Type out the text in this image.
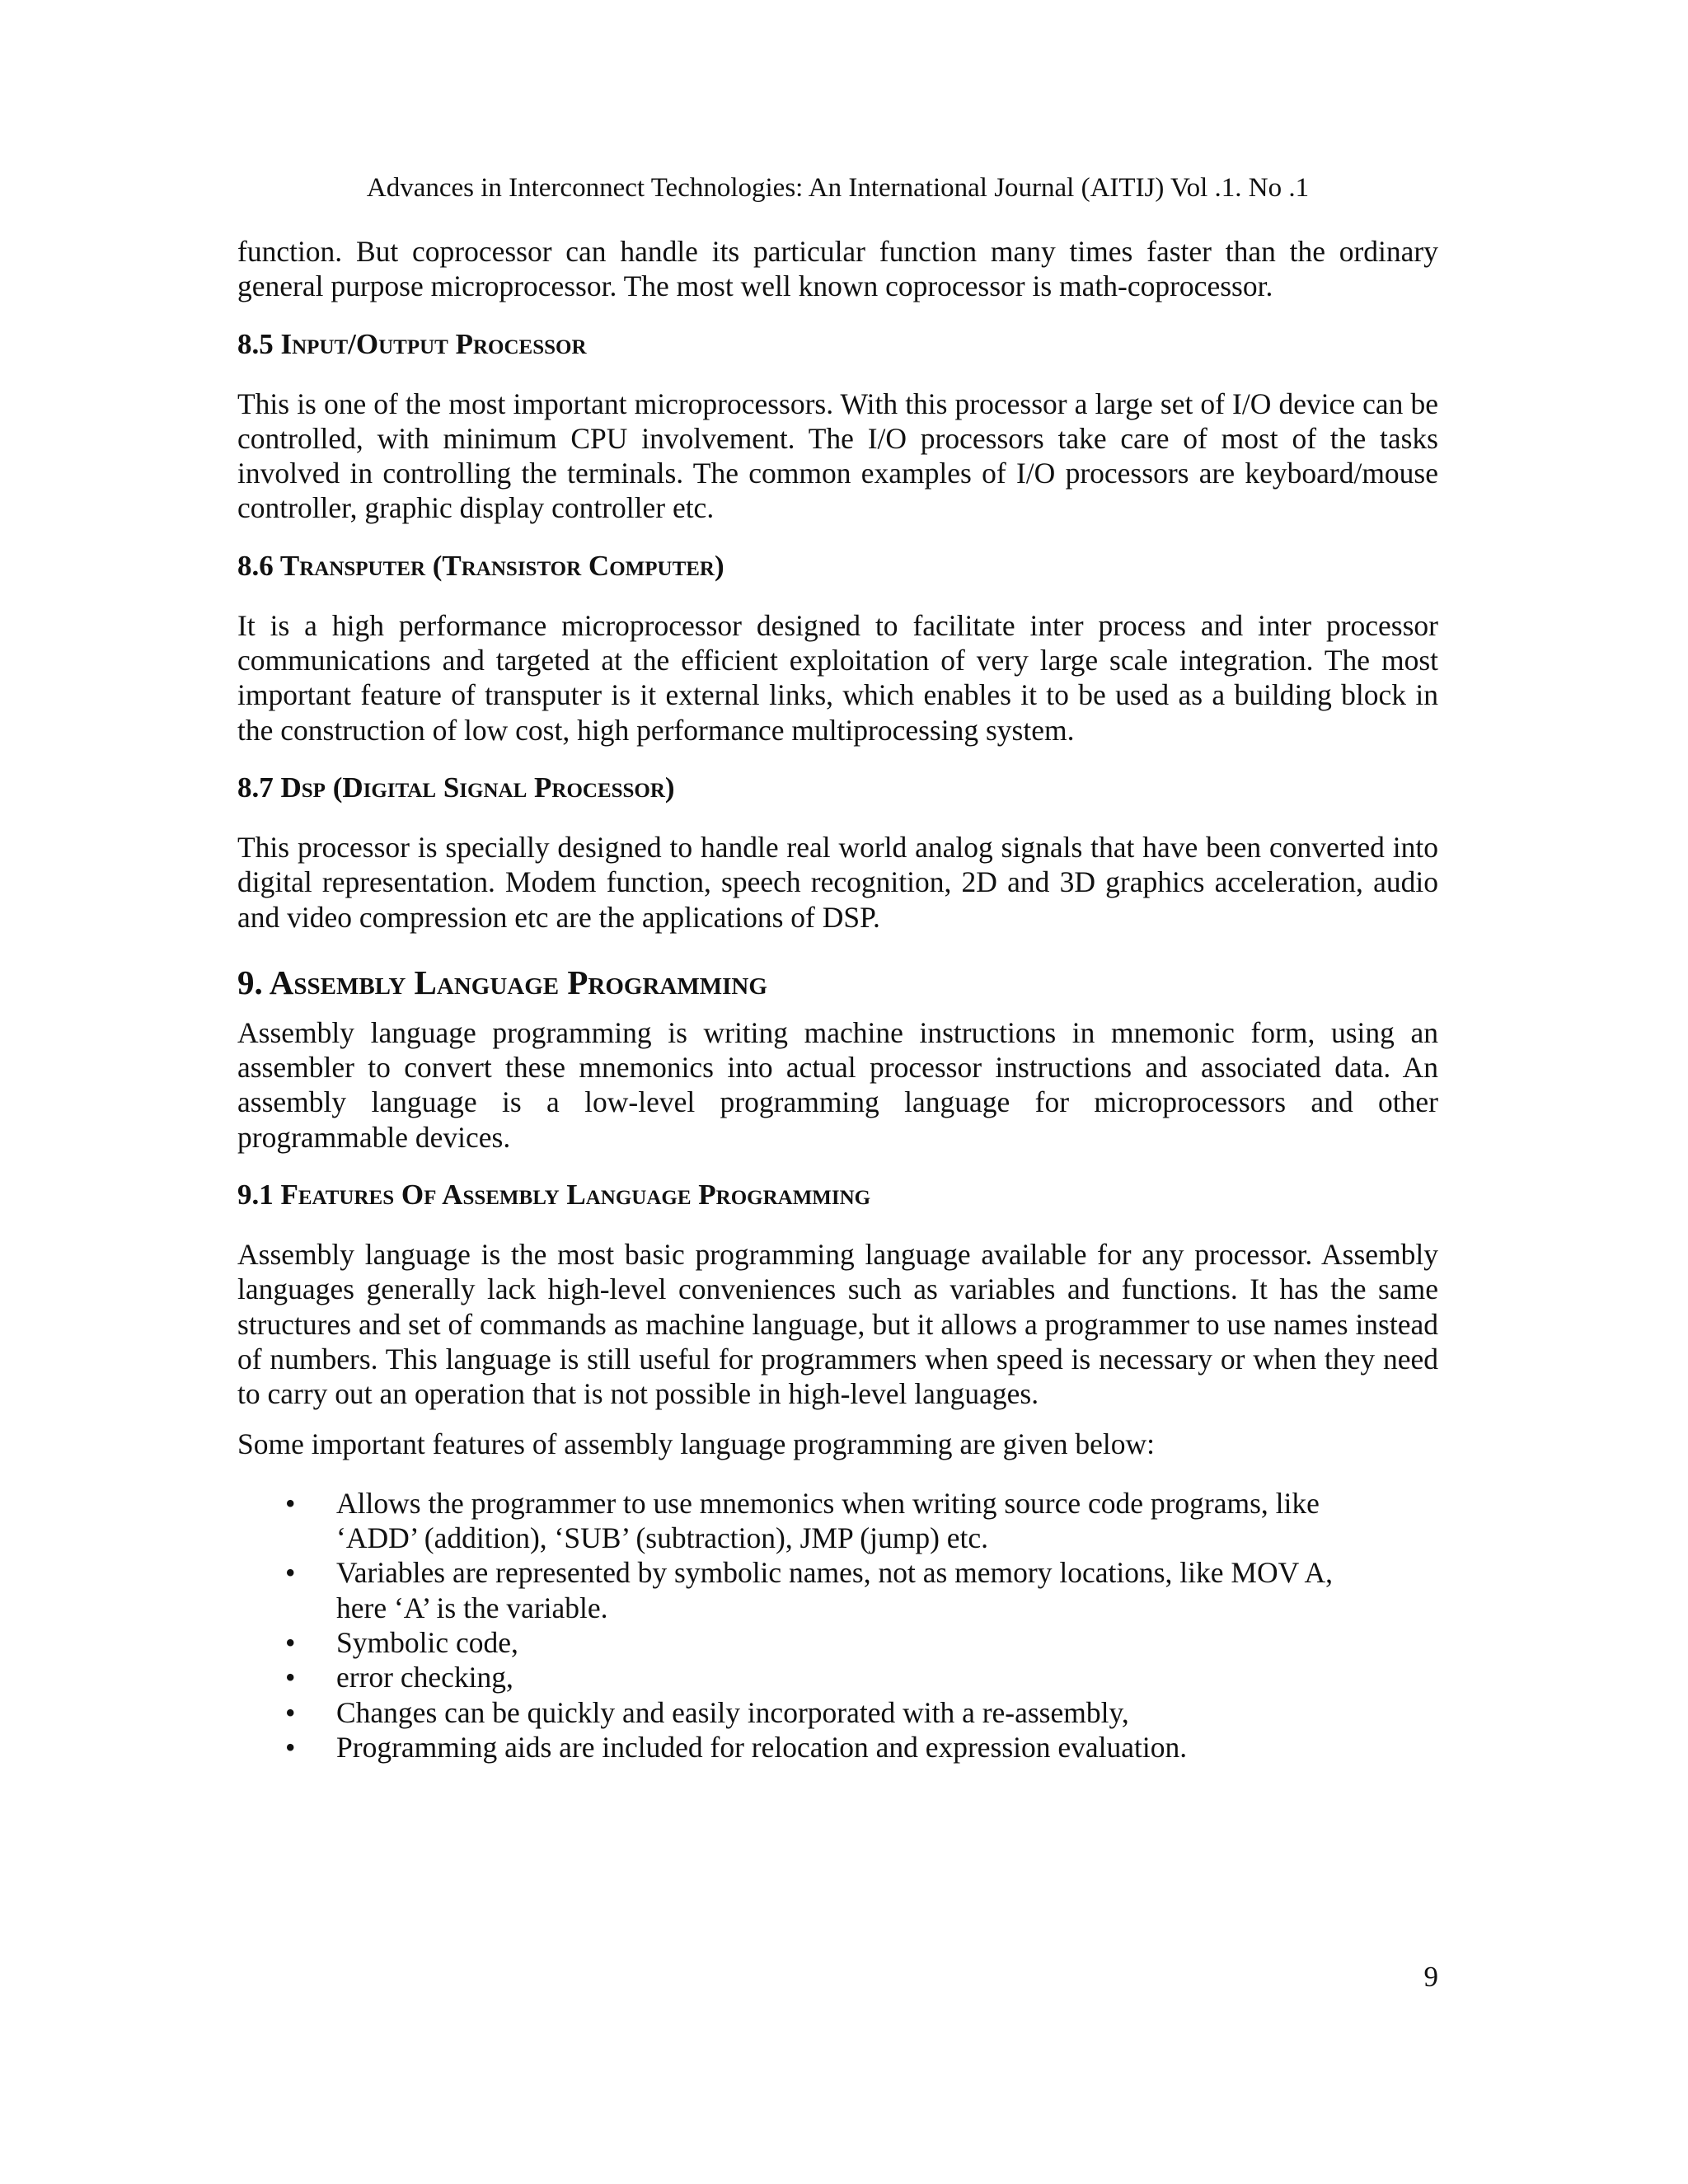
Advances in Interconnect Technologies: An International Journal (AITIJ) Vol .1. No .1

function. But coprocessor can handle its particular function many times faster than the ordinary general purpose microprocessor. The most well known coprocessor is math-coprocessor.

8.5 Input/Output Processor

This is one of the most important microprocessors. With this processor a large set of I/O device can be controlled, with minimum CPU involvement. The I/O processors take care of most of the tasks involved in controlling the terminals. The common examples of I/O processors are keyboard/mouse controller, graphic display controller etc.

8.6 Transputer (Transistor Computer)

It is a high performance microprocessor designed to facilitate inter process and inter processor communications and targeted at the efficient exploitation of very large scale integration. The most important feature of transputer is it external links, which enables it to be used as a building block in the construction of low cost, high performance multiprocessing system.

8.7 Dsp (Digital Signal Processor)

This processor is specially designed to handle real world analog signals that have been converted into digital representation. Modem function, speech recognition, 2D and 3D graphics acceleration, audio and video compression etc are the applications of DSP.

9. Assembly Language Programming

Assembly language programming is writing machine instructions in mnemonic form, using an assembler to convert these mnemonics into actual processor instructions and associated data. An assembly language is a low-level programming language for microprocessors and other programmable devices.

9.1 Features Of Assembly Language Programming

Assembly language is the most basic programming language available for any processor. Assembly languages generally lack high-level conveniences such as variables and functions. It has the same structures and set of commands as machine language, but it allows a programmer to use names instead of numbers. This language is still useful for programmers when speed is necessary or when they need to carry out an operation that is not possible in high-level languages.

Some important features of assembly language programming are given below:

• Allows the programmer to use mnemonics when writing source code programs, like ‘ADD’ (addition), ‘SUB’ (subtraction), JMP (jump) etc.
• Variables are represented by symbolic names, not as memory locations, like MOV A, here ‘A’ is the variable.
• Symbolic code,
• error checking,
• Changes can be quickly and easily incorporated with a re-assembly,
• Programming aids are included for relocation and expression evaluation.
9
